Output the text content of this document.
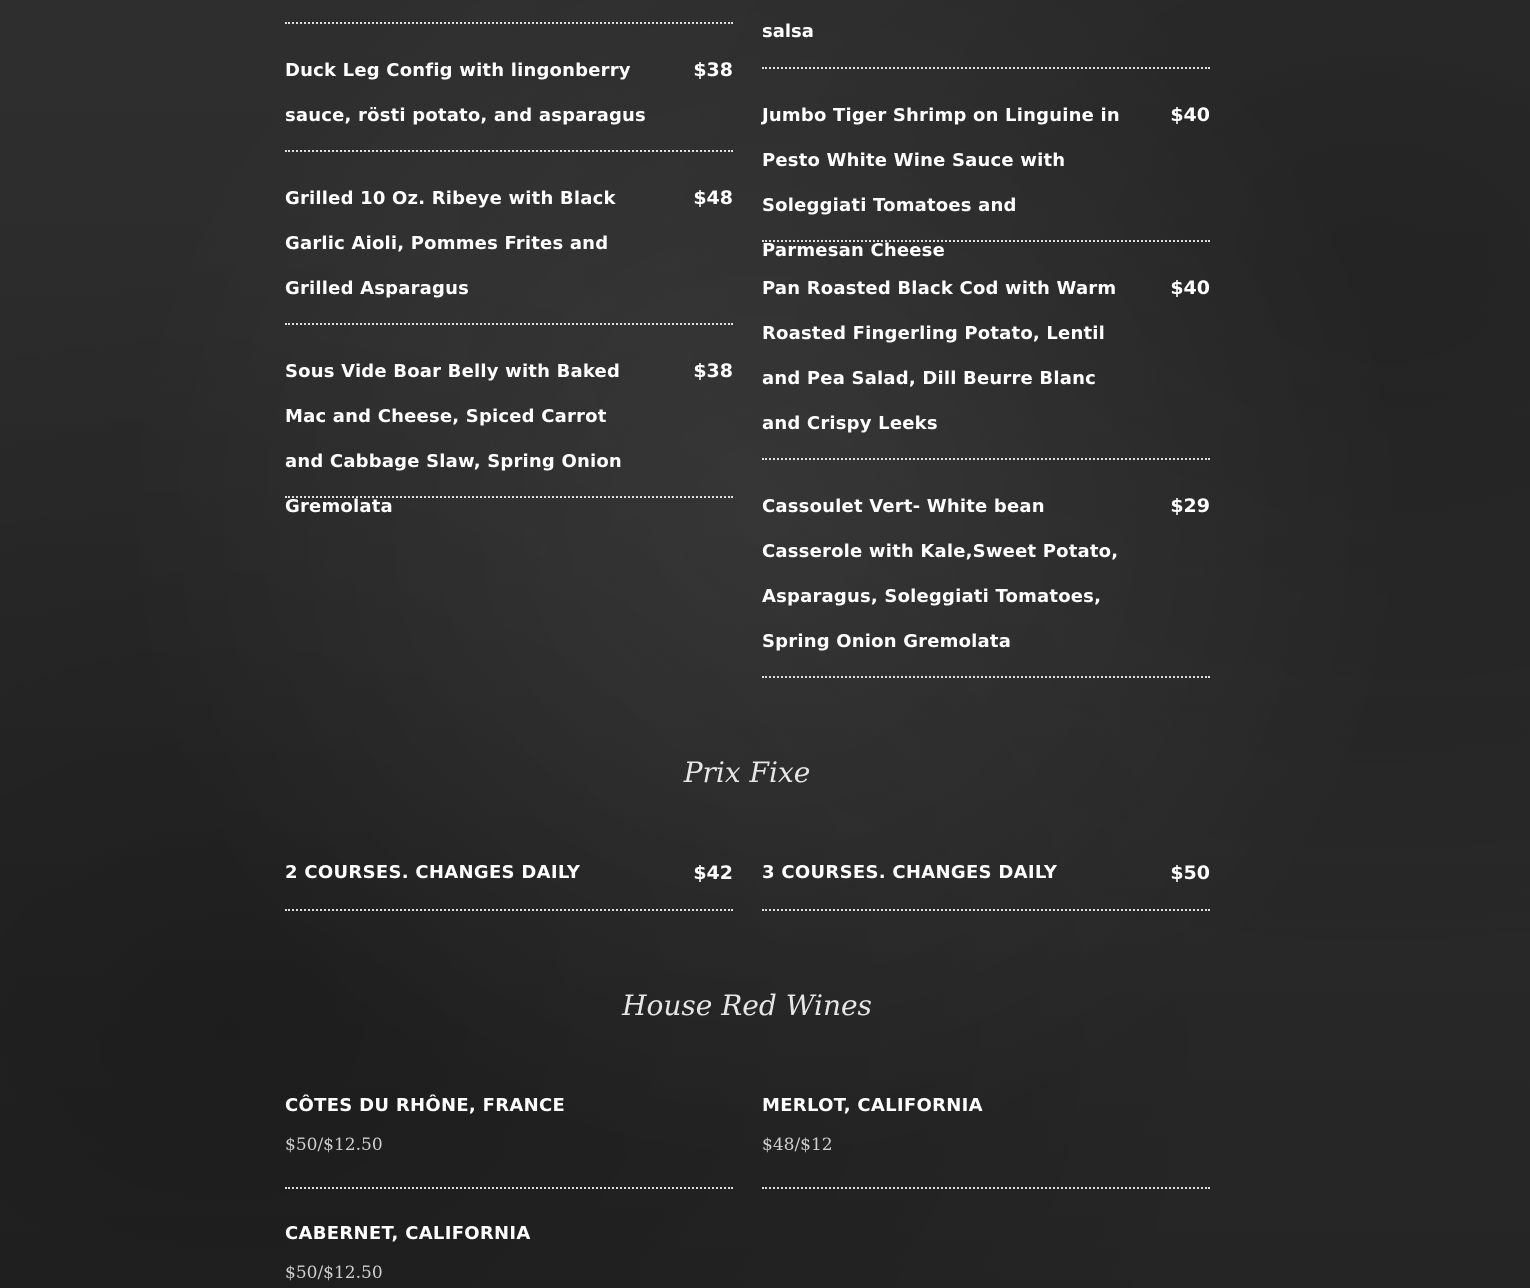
Duck Leg Config with lingonberry sauce, rösti potato, and asparagus
$38
Grilled 10 Oz. Ribeye with Black Garlic Aioli, Pommes Frites and Grilled Asparagus
$48
Sous Vide Boar Belly with Baked Mac and Cheese, Spiced Carrot and Cabbage Slaw, Spring Onion Gremolata
$38
salsa
Jumbo Tiger Shrimp on Linguine in Pesto White Wine Sauce with Soleggiati Tomatoes and Parmesan Cheese
$40
Pan Roasted Black Cod with Warm Roasted Fingerling Potato, Lentil and Pea Salad, Dill Beurre Blanc and Crispy Leeks
$40
Cassoulet Vert- White bean Casserole with Kale,Sweet Potato, Asparagus, Soleggiati Tomatoes, Spring Onion Gremolata
$29
Prix Fixe
2 COURSES. CHANGES DAILY	$42 3 COURSES. CHANGES DAILY	$50
House Red Wines
CÔTES DU RHÔNE, FRANCE
$50/$12.50
CABERNET, CALIFORNIA
$50/$12.50
MERLOT, CALIFORNIA
$48/$12
